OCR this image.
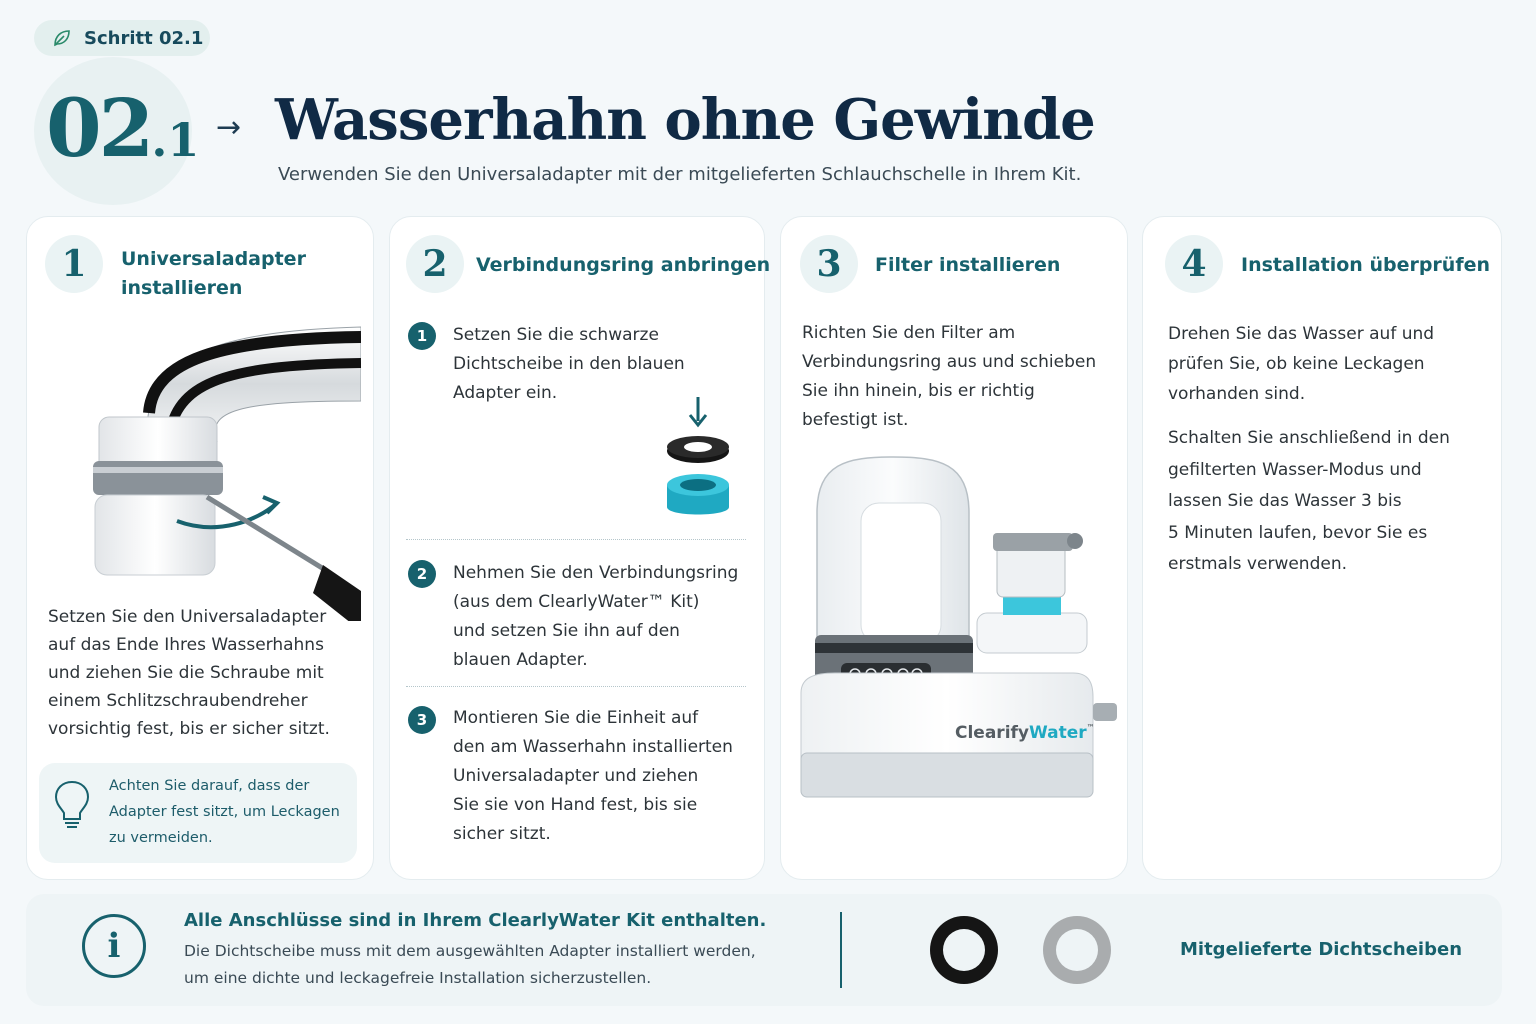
Schritt 02.1
02.1 → Wasserhahn ohne Gewinde
Verwenden Sie den Universaladapter mit der mitgelieferten Schlauchschelle in Ihrem Kit.
1	Universaladapter
installieren
Setzen Sie den Universaladapter
auf das Ende Ihres Wasserhahns
und ziehen Sie die Schraube mit
einem Schlitzschraubendreher
vorsichtig fest, bis er sicher sitzt.
Achten Sie darauf, dass der
Adapter fest sitzt, um Leckagen
zu vermeiden.
2	Verbindungsring anbringen
1	Setzen Sie die schwarze
Dichtscheibe in den blauen
Adapter ein.
2	Nehmen Sie den Verbindungsring
(aus dem ClearlyWater™ Kit)
und setzen Sie ihn auf den
blauen Adapter.
3	Montieren Sie die Einheit auf
den am Wasserhahn installierten
Universaladapter und ziehen
Sie sie von Hand fest, bis sie
sicher sitzt.
3	Filter installieren
Richten Sie den Filter am
Verbindungsring aus und schieben
Sie ihn hinein, bis er richtig
befestigt ist.
ClearifyWater™
4	Installation überprüfen
Drehen Sie das Wasser auf und
prüfen Sie, ob keine Leckagen
vorhanden sind.
Schalten Sie anschließend in den
gefilterten Wasser-Modus und
lassen Sie das Wasser 3 bis
5 Minuten laufen, bevor Sie es
erstmals verwenden.
i
Alle Anschlüsse sind in Ihrem ClearlyWater Kit enthalten.
Die Dichtscheibe muss mit dem ausgewählten Adapter installiert werden,
um eine dichte und leckagefreie Installation sicherzustellen.
Mitgelieferte Dichtscheiben
